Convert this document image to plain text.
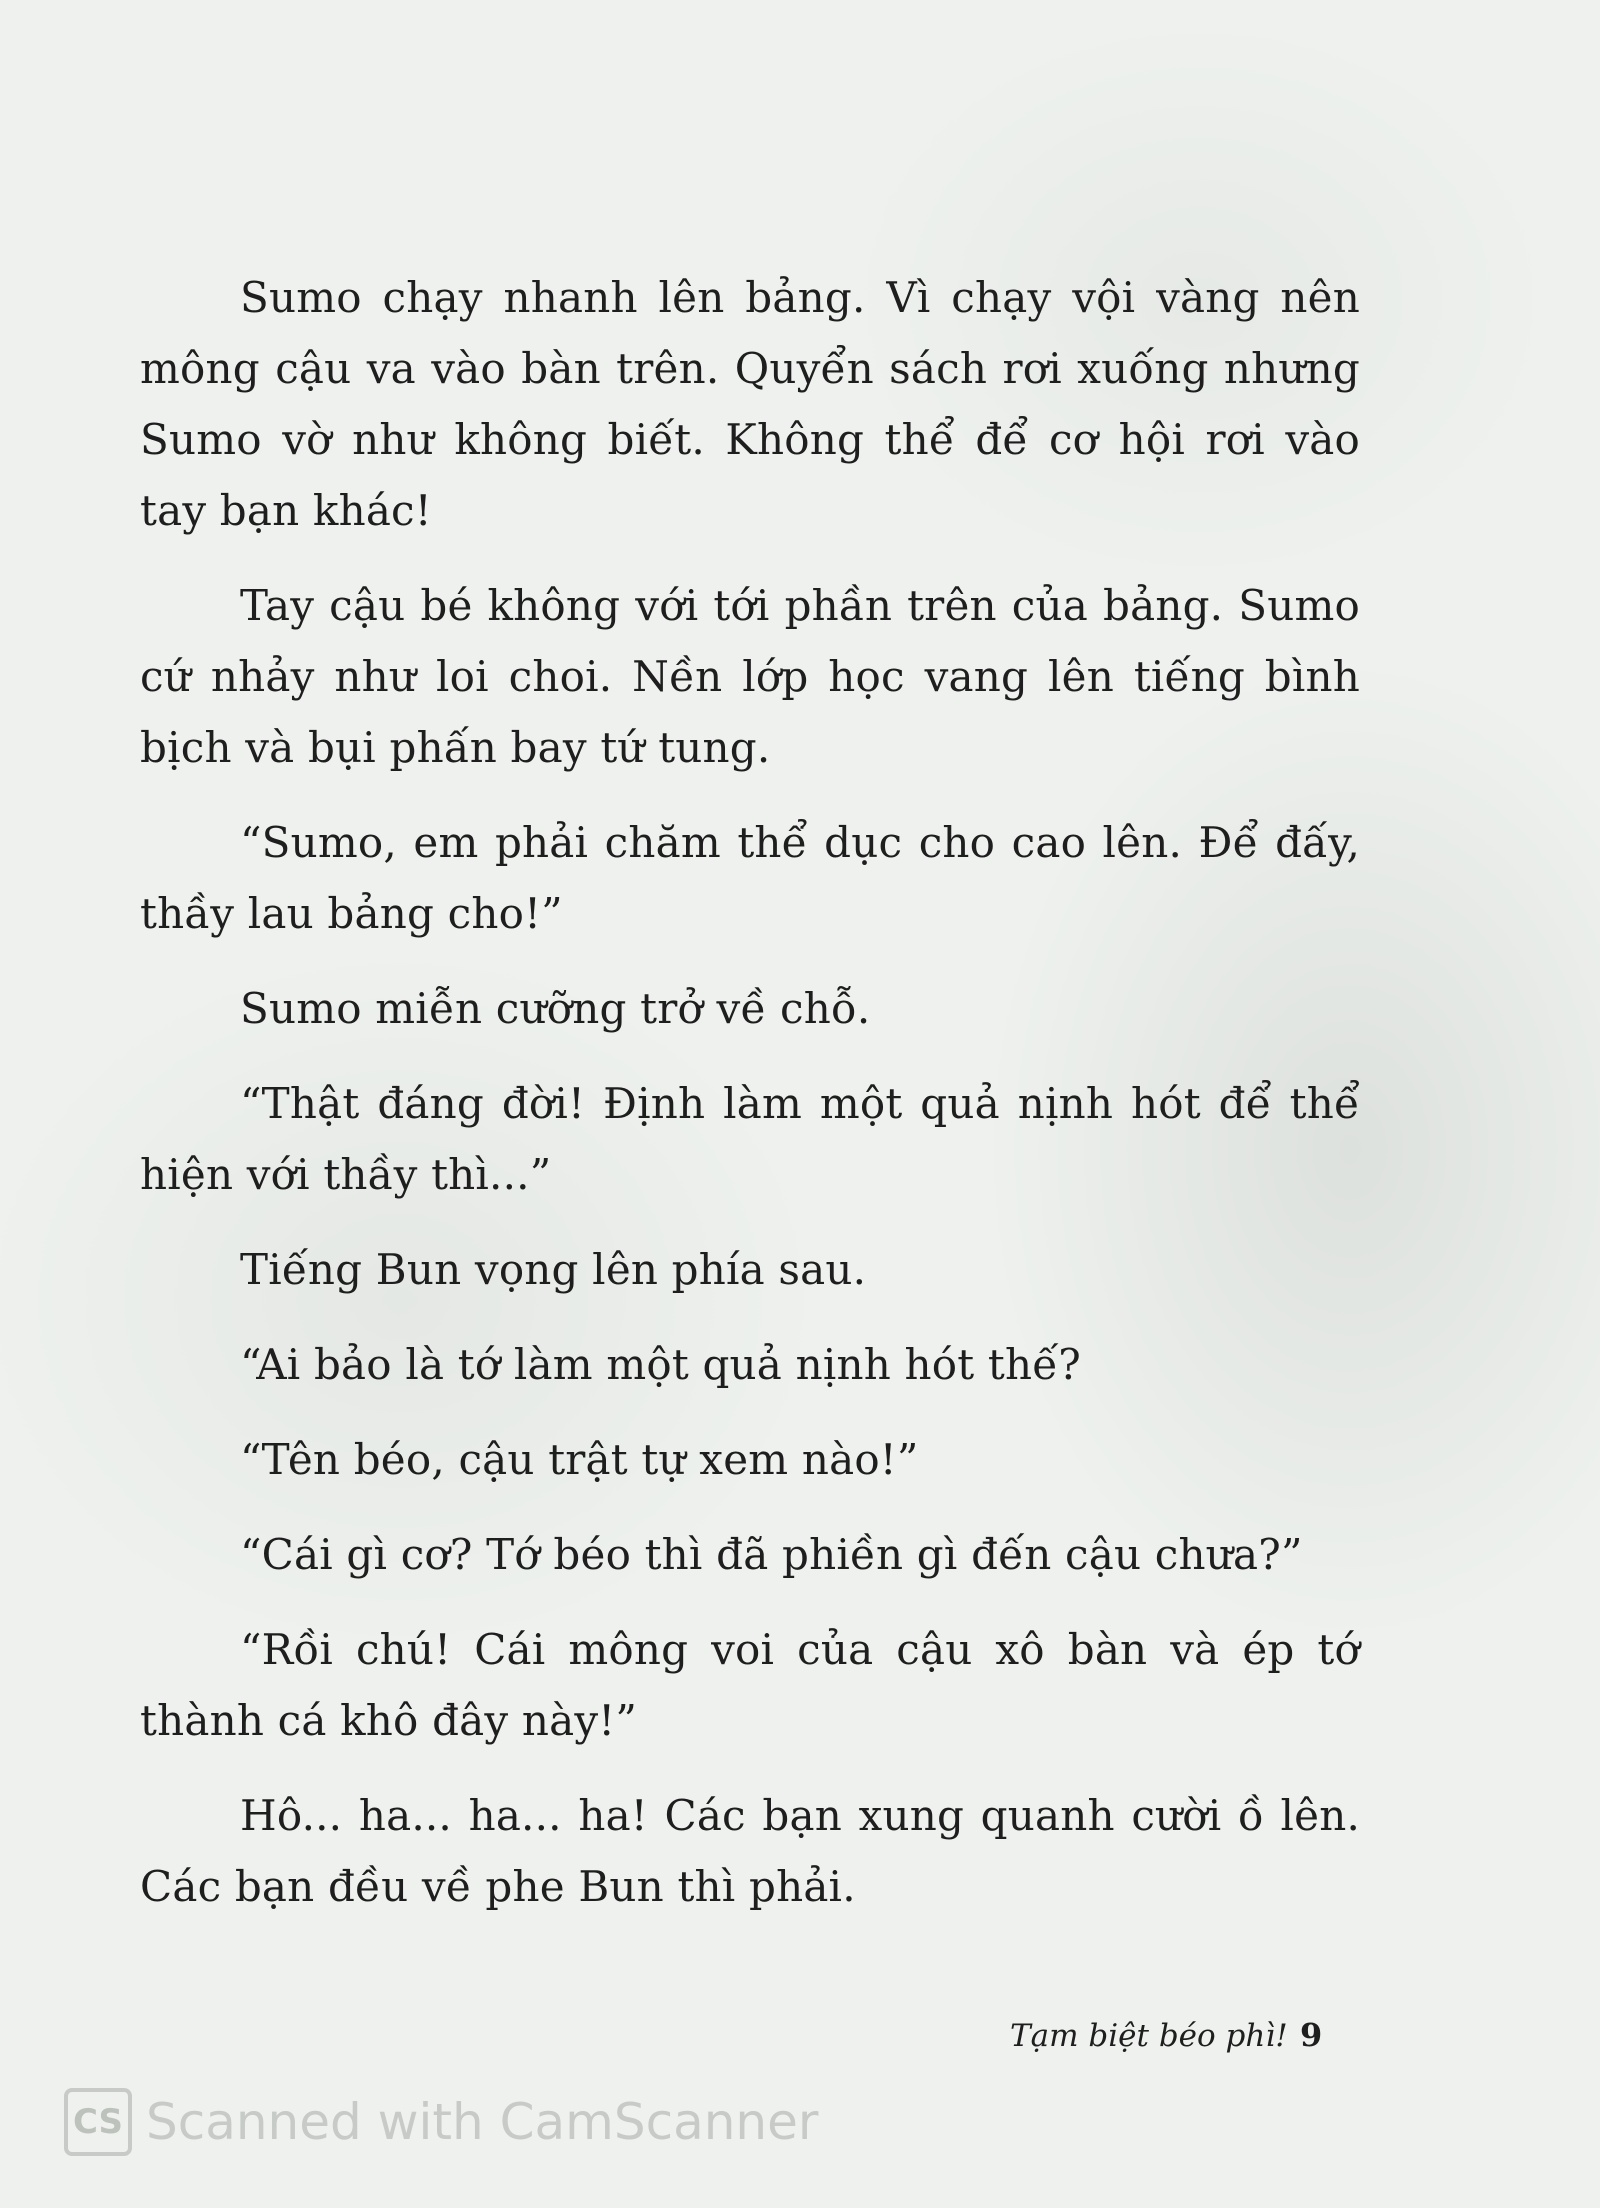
Sumo chạy nhanh lên bảng. Vì chạy vội vàng nên mông cậu va vào bàn trên. Quyển sách rơi xuống nhưng Sumo vờ như không biết. Không thể để cơ hội rơi vào tay bạn khác!

Tay cậu bé không với tới phần trên của bảng. Sumo cứ nhảy như loi choi. Nền lớp học vang lên tiếng bình bịch và bụi phấn bay tứ tung.

“Sumo, em phải chăm thể dục cho cao lên. Để đấy, thầy lau bảng cho!”

Sumo miễn cưỡng trở về chỗ.

“Thật đáng đời! Định làm một quả nịnh hót để thể hiện với thầy thì...”

Tiếng Bun vọng lên phía sau.

“Ai bảo là tớ làm một quả nịnh hót thế?

“Tên béo, cậu trật tự xem nào!”

“Cái gì cơ? Tớ béo thì đã phiền gì đến cậu chưa?”

“Rồi chú! Cái mông voi của cậu xô bàn và ép tớ thành cá khô đây này!”

Hô... ha... ha... ha! Các bạn xung quanh cười ồ lên. Các bạn đều về phe Bun thì phải.

Tạm biệt béo phì! 9
CS Scanned with CamScanner
